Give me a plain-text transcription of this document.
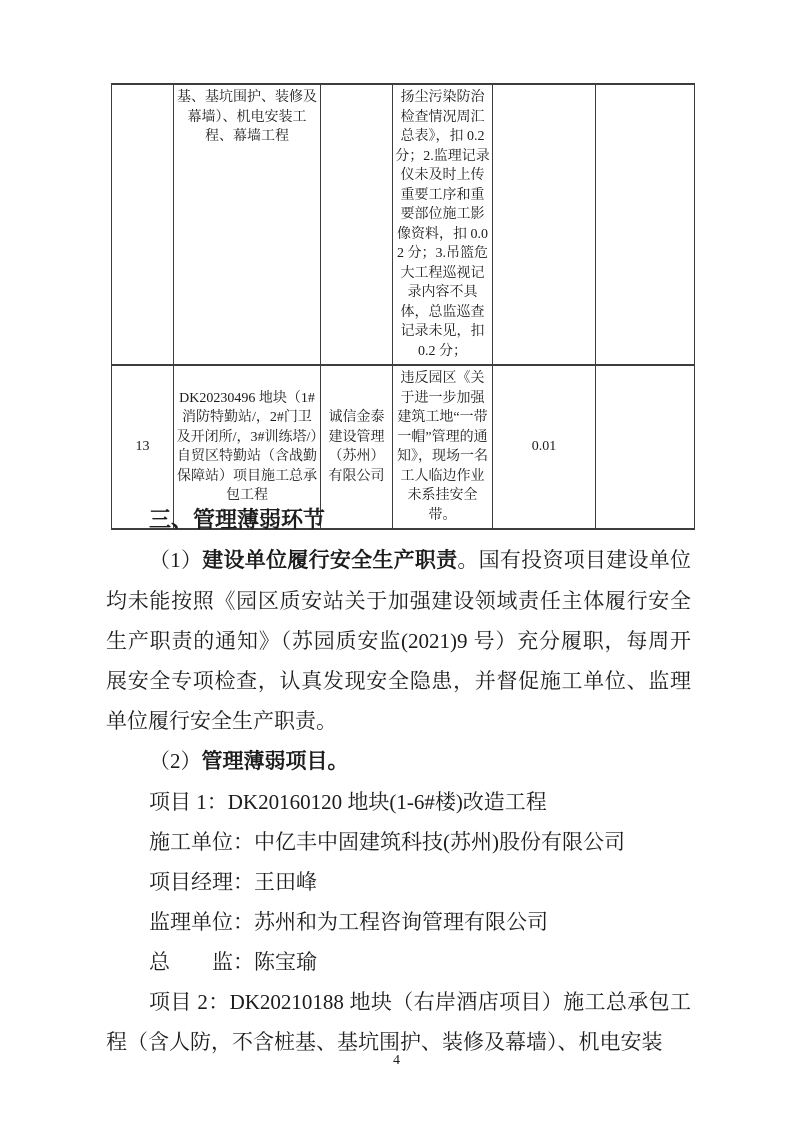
	基、基坑围护、装修及幕墙）、机电安装工程、幕墙工程		扬尘污染防治检查情况周汇总表》，扣 0.2 分；2.监理记录仪未及时上传重要工序和重要部位施工影像资料，扣 0.02 分；3.吊篮危大工程巡视记录内容不具体，总监巡查记录未见，扣 0.2 分；		
13	DK20230496 地块（1#消防特勤站/，2#门卫及开闭所/，3#训练塔/）自贸区特勤站（含战勤保障站）项目施工总承包工程	诚信金泰建设管理（苏州）有限公司	违反园区《关于进一步加强建筑工地“一带一帽”管理的通知》，现场一名工人临边作业未系挂安全带。	0.01	
三、管理薄弱环节

（1）建设单位履行安全生产职责。国有投资项目建设单位均未能按照《园区质安站关于加强建设领域责任主体履行安全生产职责的通知》（苏园质安监(2021)9 号）充分履职，每周开展安全专项检查，认真发现安全隐患，并督促施工单位、监理单位履行安全生产职责。

（2）管理薄弱项目。

项目 1：DK20160120 地块(1-6#楼)改造工程

施工单位：中亿丰中固建筑科技(苏州)股份有限公司

项目经理：王田峰

监理单位：苏州和为工程咨询管理有限公司

总　　监：陈宝瑜

项目 2：DK20210188 地块（右岸酒店项目）施工总承包工程（含人防，不含桩基、基坑围护、装修及幕墙）、机电安装

4
